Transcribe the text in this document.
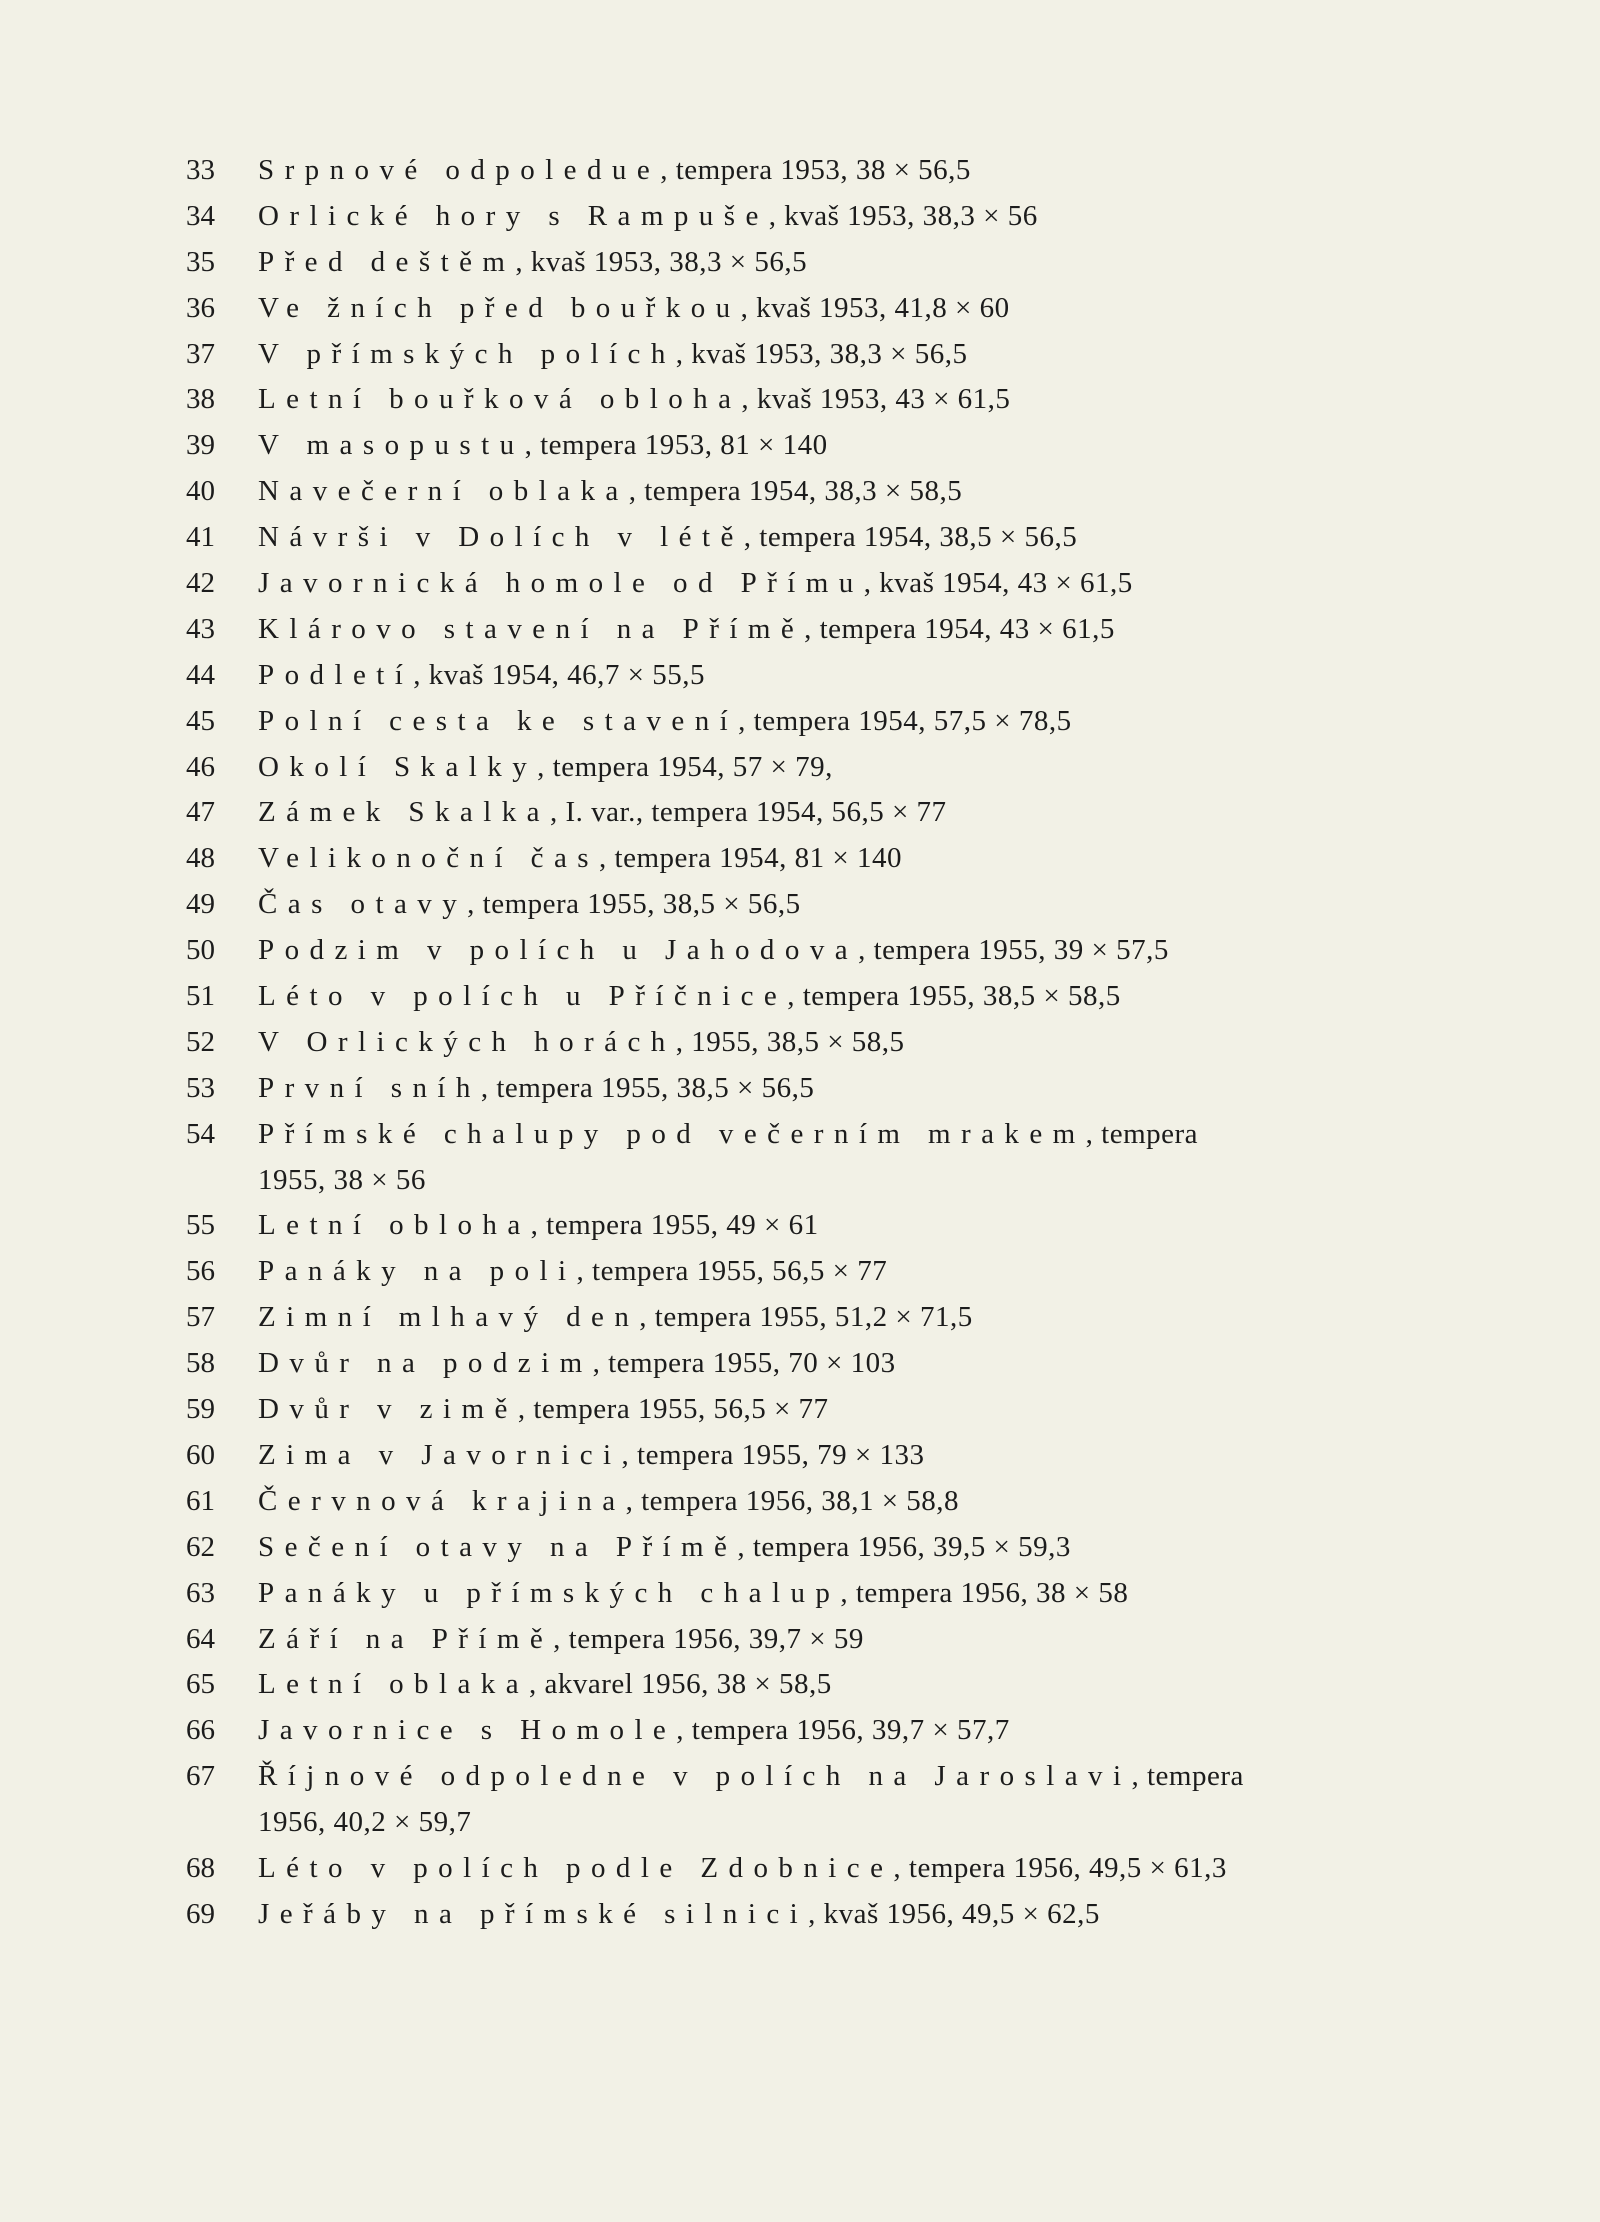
33	Srpnové odpoledue, tempera 1953, 38 × 56,5
34	Orlické hory s Rampuše, kvaš 1953, 38,3 × 56
35	Před deštěm, kvaš 1953, 38,3 × 56,5
36	Ve žních před bouřkou, kvaš 1953, 41,8 × 60
37	V přímských polích, kvaš 1953, 38,3 × 56,5
38	Letní bouřková obloha, kvaš 1953, 43 × 61,5
39	V masopustu, tempera 1953, 81 × 140
40	Navečerní oblaka, tempera 1954, 38,3 × 58,5
41	Návrši v Dolích v létě, tempera 1954, 38,5 × 56,5
42	Javornická homole od Přímu, kvaš 1954, 43 × 61,5
43	Klárovo stavení na Přímě, tempera 1954, 43 × 61,5
44	Podletí, kvaš 1954, 46,7 × 55,5
45	Polní cesta ke stavení, tempera 1954, 57,5 × 78,5
46	Okolí Skalky, tempera 1954, 57 × 79,
47	Zámek Skalka, I. var., tempera 1954, 56,5 × 77
48	Velikonoční čas, tempera 1954, 81 × 140
49	Čas otavy, tempera 1955, 38,5 × 56,5
50	Podzim v polích u Jahodova, tempera 1955, 39 × 57,5
51	Léto v polích u Příčnice, tempera 1955, 38,5 × 58,5
52	V Orlických horách, 1955, 38,5 × 58,5
53	První sníh, tempera 1955, 38,5 × 56,5
54	Přímské chalupy pod večerním mrakem, tempera
1955, 38 × 56
55	Letní obloha, tempera 1955, 49 × 61
56	Panáky na poli, tempera 1955, 56,5 × 77
57	Zimní mlhavý den, tempera 1955, 51,2 × 71,5
58	Dvůr na podzim, tempera 1955, 70 × 103
59	Dvůr v zimě, tempera 1955, 56,5 × 77
60	Zima v Javornici, tempera 1955, 79 × 133
61	Červnová krajina, tempera 1956, 38,1 × 58,8
62	Sečení otavy na Přímě, tempera 1956, 39,5 × 59,3
63	Panáky u přímských chalup, tempera 1956, 38 × 58
64	Září na Přímě, tempera 1956, 39,7 × 59
65	Letní oblaka, akvarel 1956, 38 × 58,5
66	Javornice s Homole, tempera 1956, 39,7 × 57,7
67	Říjnové odpoledne v polích na Jaroslavi, tempera
1956, 40,2 × 59,7
68	Léto v polích podle Zdobnice, tempera 1956, 49,5 × 61,3
69	Jeřáby na přímské silnici, kvaš 1956, 49,5 × 62,5
